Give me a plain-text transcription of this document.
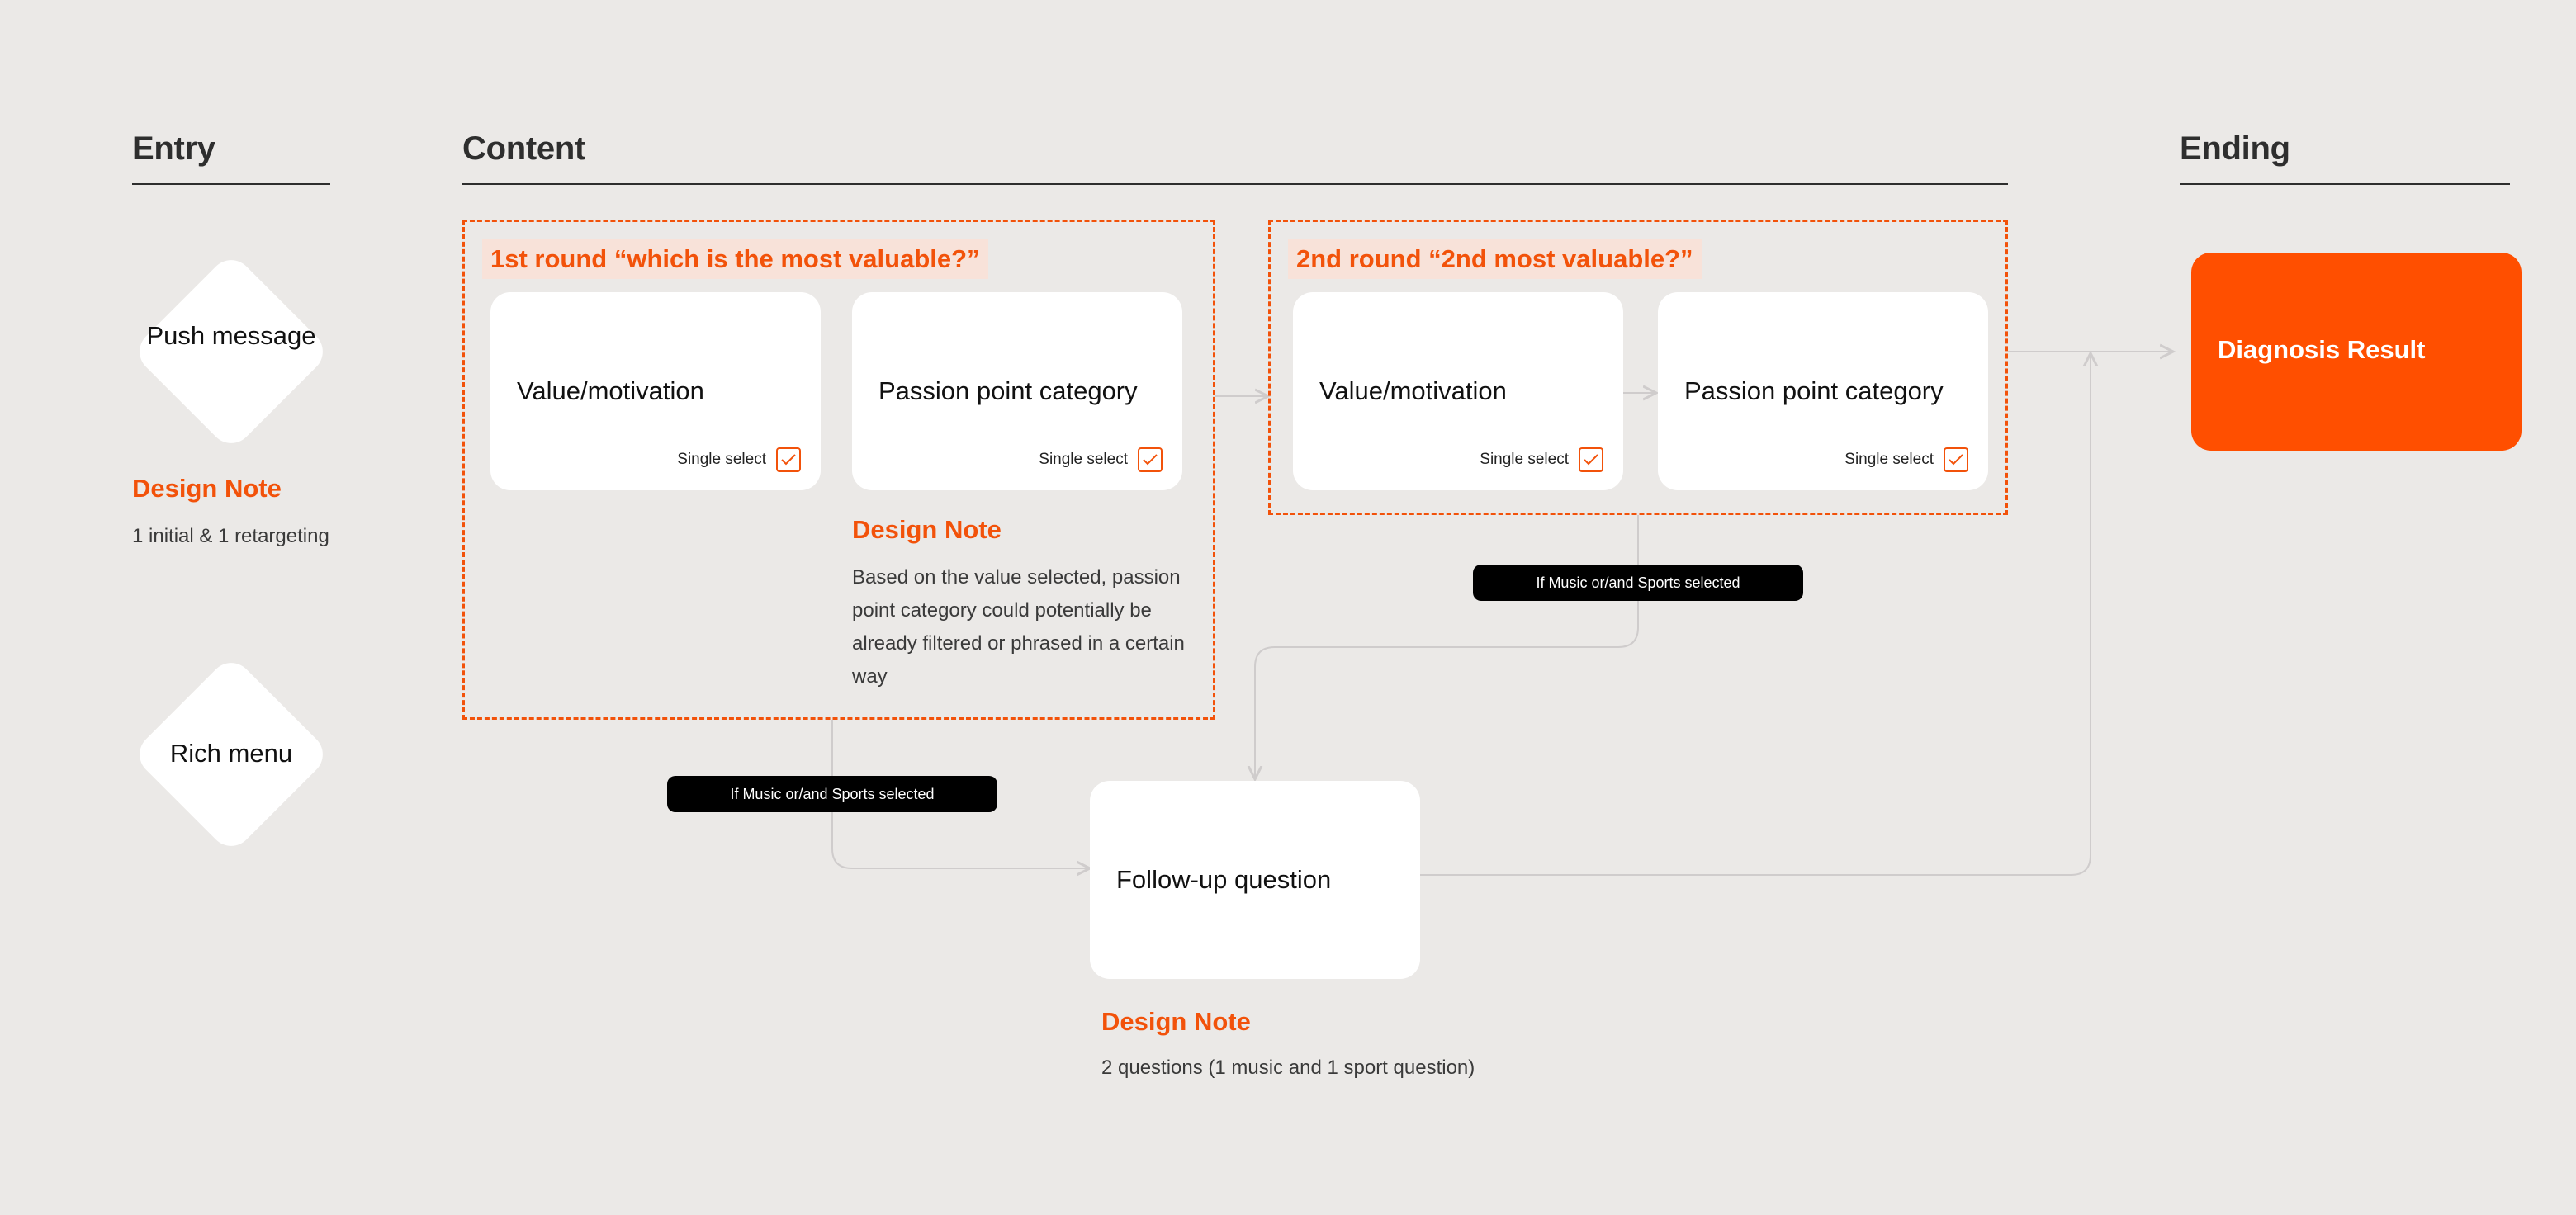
Entry	Content	Ending
Push message
Design Note
1 initial & 1 retargeting
Rich menu
1st round “which is the most valuable?”
Value/motivation
Single select
Passion point category
Single select
Design Note
Based on the value selected, passion point category could potentially be already filtered or phrased in a certain way
2nd round “2nd most valuable?”
Value/motivation
Single select
Passion point category
Single select
If Music or/and Sports selected
If Music or/and Sports selected
Follow-up question
Design Note
2 questions (1 music and 1 sport question)
Diagnosis Result
